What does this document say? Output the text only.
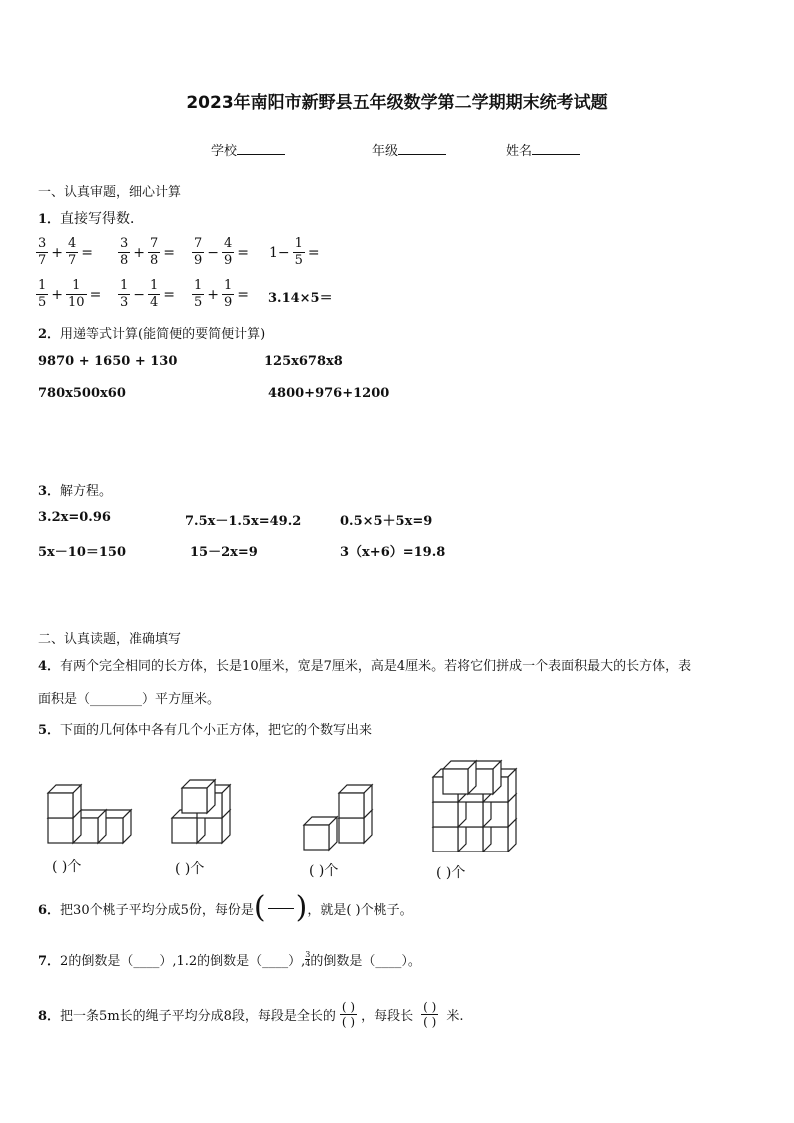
2023年南阳市新野县五年级数学第二学期期末统考试题
学校	年级	姓名
一、认真审题，细心计算
1．直接写得数．
$\frac{3}{7} + \frac{4}{7} = \frac{3}{8} + \frac{7}{8} = \frac{7}{9} - \frac{4}{9} = 1- \frac{1}{5}$ =
$\frac{1}{5} + \frac{1}{10} = \frac{1}{3} - \frac{1}{4} = \frac{1}{5} + \frac{1}{9} = 3.14\times 5=$
2．用递等式计算(能简便的要简便计算)
9870 + 1650 + 130	125x678x8
780x500x60	4800+976+1200
3．解方程。
3.2x=0.96	7.5x－1.5x=49.2	0.5×5＋5x=9
5x－10＝150	15－2x=9	3（x+6）=19.8
二、认真读题，准确填写
4．有两个完全相同的长方体，长是10厘米，宽是7厘米，高是4厘米。若将它们拼成一个表面积最大的长方体，表
面积是（________）平方厘米。
5．下面的几何体中各有几个小正方体，把它的个数写出来
( )个	( )个	( )个	( )个
6． 把30个桃子平均分成5份，每份是 ( ) ，就是( )个桃子。
7． 2的倒数是（____）,1.2的倒数是（____）, 3
4 的倒数是（____）。
8． 把一条5m长的绳子平均分成8段，每段是全长的 $\frac{( )}{( )}$ ，每段长 $\frac{( )}{( )}$ 米.
